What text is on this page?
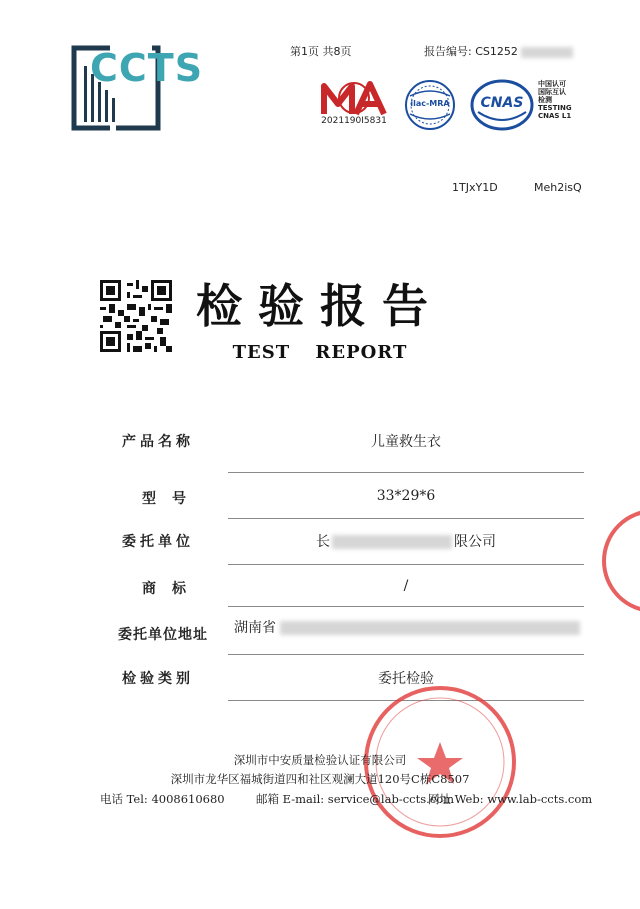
CCTS	第1页 共8页	报告编号: CS1252
2021190I5831
ilac-MRA	CNAS
中国认可
国际互认
检测
TESTING
CNAS L1
1TJxY1D	Meh2isQ
检验报告
TEST REPORT
产品名称	儿童救生衣
型号	33*29*6
委托单位	长	限公司
商标	/
委托单位地址 湖南省
检验类别	委托检验
深圳市中安质量检验认证有限公司
深圳市龙华区福城街道四和社区观澜大道120号C栋C8507
电话 Tel: 4008610680	邮箱 E-mail: service@lab-ccts.com
网址 Web: www.lab-ccts.com
